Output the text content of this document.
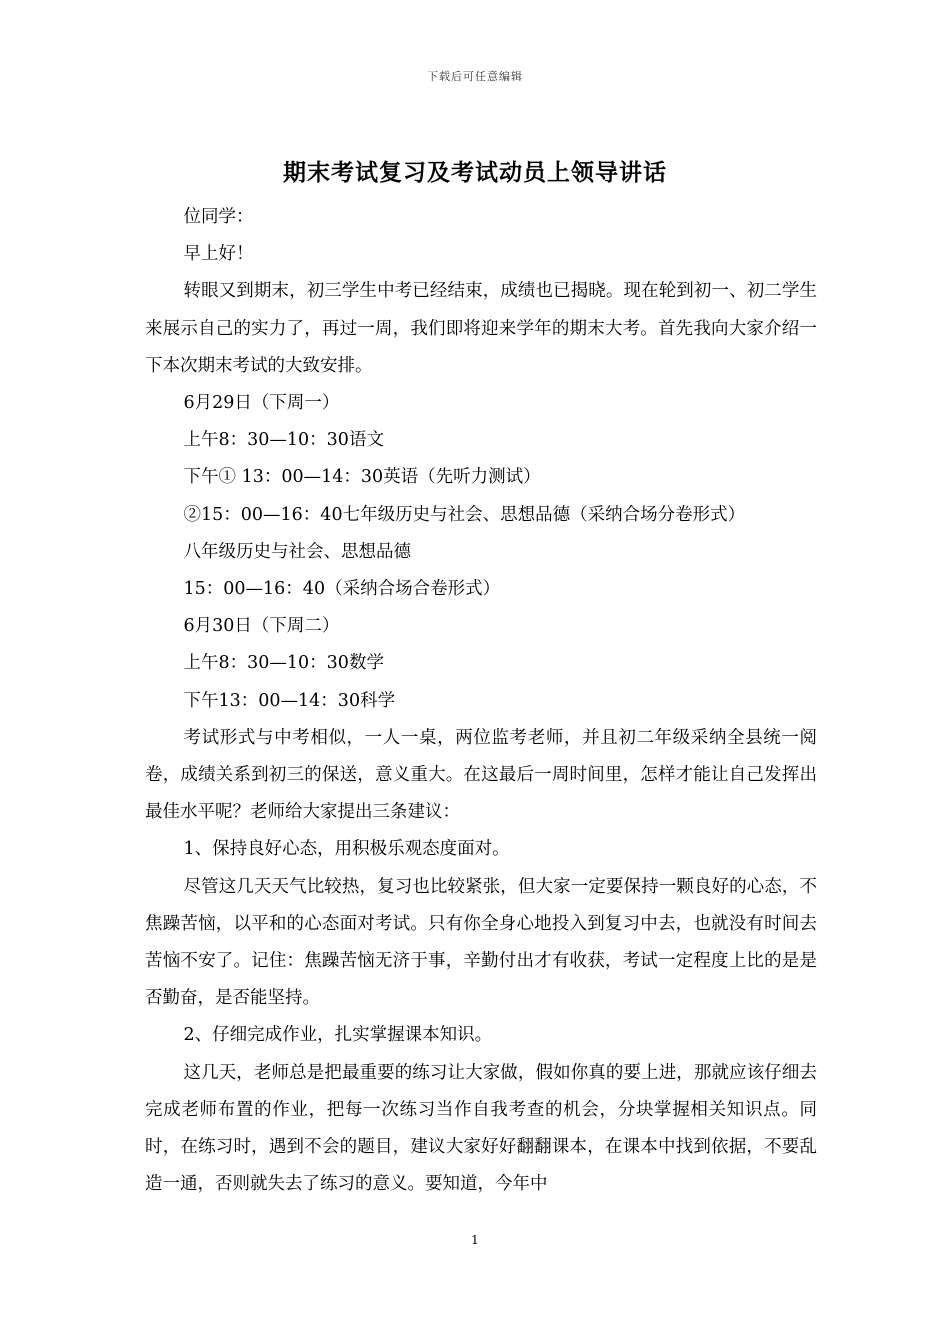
下载后可任意编辑
期末考试复习及考试动员上领导讲话

位同学：

早上好！

转眼又到期末，初三学生中考已经结束，成绩也已揭晓。现在轮到初一、初二学生来展示自己的实力了，再过一周，我们即将迎来学年的期末大考。首先我向大家介绍一下本次期末考试的大致安排。

6月29日（下周一）

上午8：30—10：30语文

下午① 13：00—14：30英语（先听力测试）

②15：00—16：40七年级历史与社会、思想品德（采纳合场分卷形式）

八年级历史与社会、思想品德

15：00—16：40（采纳合场合卷形式）

6月30日（下周二）

上午8：30—10：30数学

下午13：00—14：30科学

考试形式与中考相似，一人一桌，两位监考老师，并且初二年级采纳全县统一阅卷，成绩关系到初三的保送，意义重大。在这最后一周时间里，怎样才能让自己发挥出最佳水平呢？老师给大家提出三条建议：

1、保持良好心态，用积极乐观态度面对。

尽管这几天天气比较热，复习也比较紧张，但大家一定要保持一颗良好的心态，不焦躁苦恼，以平和的心态面对考试。只有你全身心地投入到复习中去，也就没有时间去苦恼不安了。记住：焦躁苦恼无济于事，辛勤付出才有收获，考试一定程度上比的是是否勤奋，是否能坚持。

2、仔细完成作业，扎实掌握课本知识。

这几天，老师总是把最重要的练习让大家做，假如你真的要上进，那就应该仔细去完成老师布置的作业，把每一次练习当作自我考查的机会，分块掌握相关知识点。同时，在练习时，遇到不会的题目，建议大家好好翻翻课本，在课本中找到依据，不要乱造一通，否则就失去了练习的意义。要知道，今年中

1
